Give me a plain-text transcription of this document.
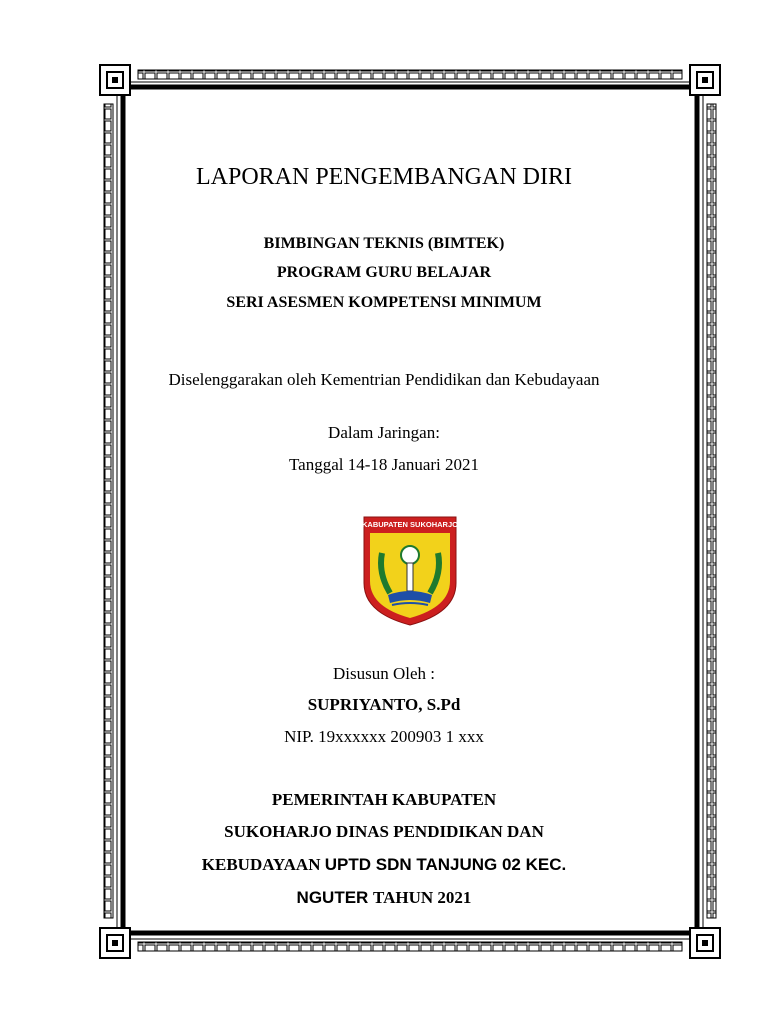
LAPORAN PENGEMBANGAN DIRI
BIMBINGAN TEKNIS (BIMTEK)
PROGRAM GURU BELAJAR
SERI ASESMEN KOMPETENSI MINIMUM
Diselenggarakan oleh Kementrian Pendidikan dan Kebudayaan
Dalam Jaringan:
Tanggal 14-18 Januari 2021
KABUPATEN SUKOHARJO
Disusun Oleh :
SUPRIYANTO, S.Pd
NIP. 19xxxxxx 200903 1 xxx
PEMERINTAH KABUPATEN
SUKOHARJO DINAS PENDIDIKAN DAN
KEBUDAYAAN UPTD SDN TANJUNG 02 KEC.
NGUTER TAHUN 2021
